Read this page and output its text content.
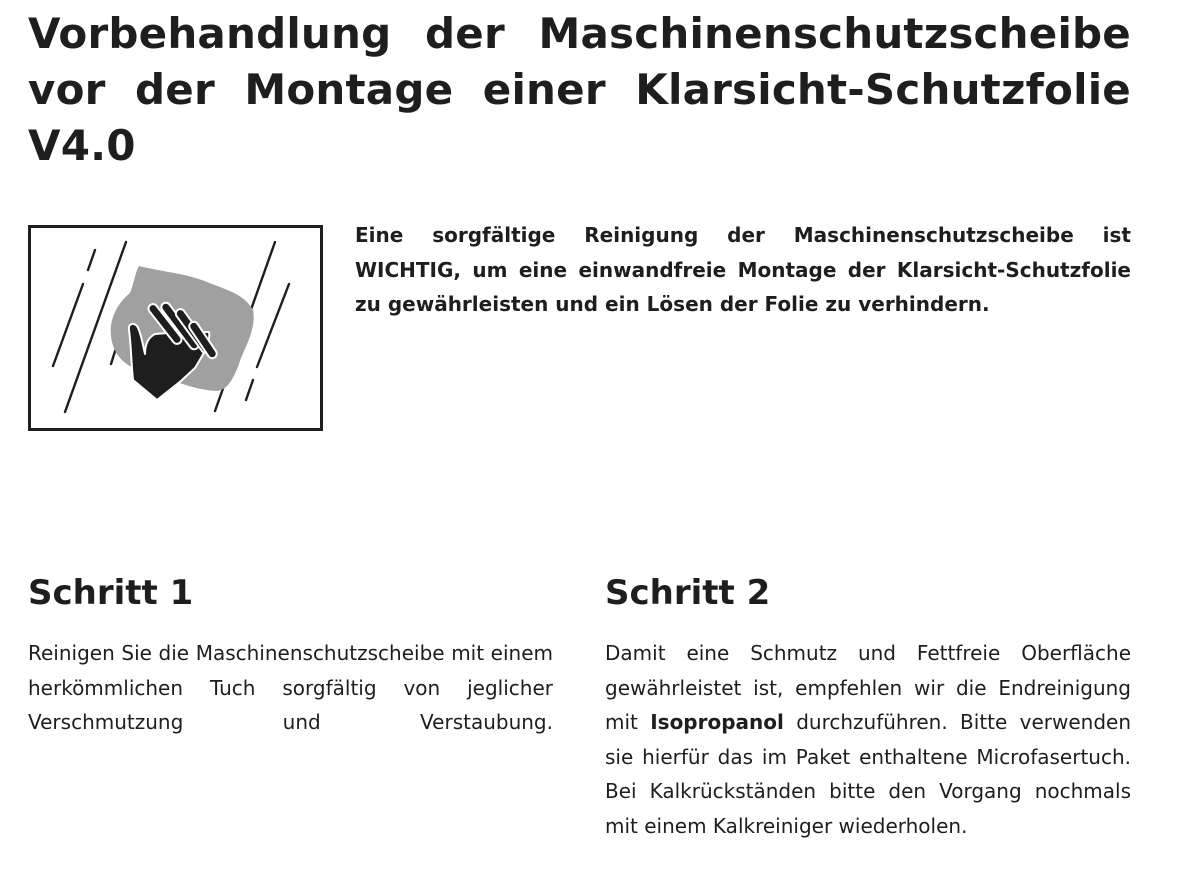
Vorbehandlung der Maschinenschutzscheibe vor der Montage einer Klarsicht-Schutzfolie V4.0

Eine sorgfältige Reinigung der Maschinenschutzscheibe ist WICHTIG, um eine einwandfreie Montage der Klarsicht-Schutzfolie zu gewährleisten und ein Lösen der Folie zu verhindern.

Schritt 1

Reinigen Sie die Maschinenschutzscheibe mit einem herkömmlichen Tuch sorgfältig von jeglicher Verschmutzung und Verstaubung.

Schritt 2

Damit eine Schmutz und Fettfreie Oberfläche gewährleistet ist, empfehlen wir die Endreinigung mit Isopropanol durchzuführen. Bitte verwenden sie hierfür das im Paket enthaltene Microfasertuch. Bei Kalkrückständen bitte den Vorgang nochmals mit einem Kalkreiniger wiederholen.
